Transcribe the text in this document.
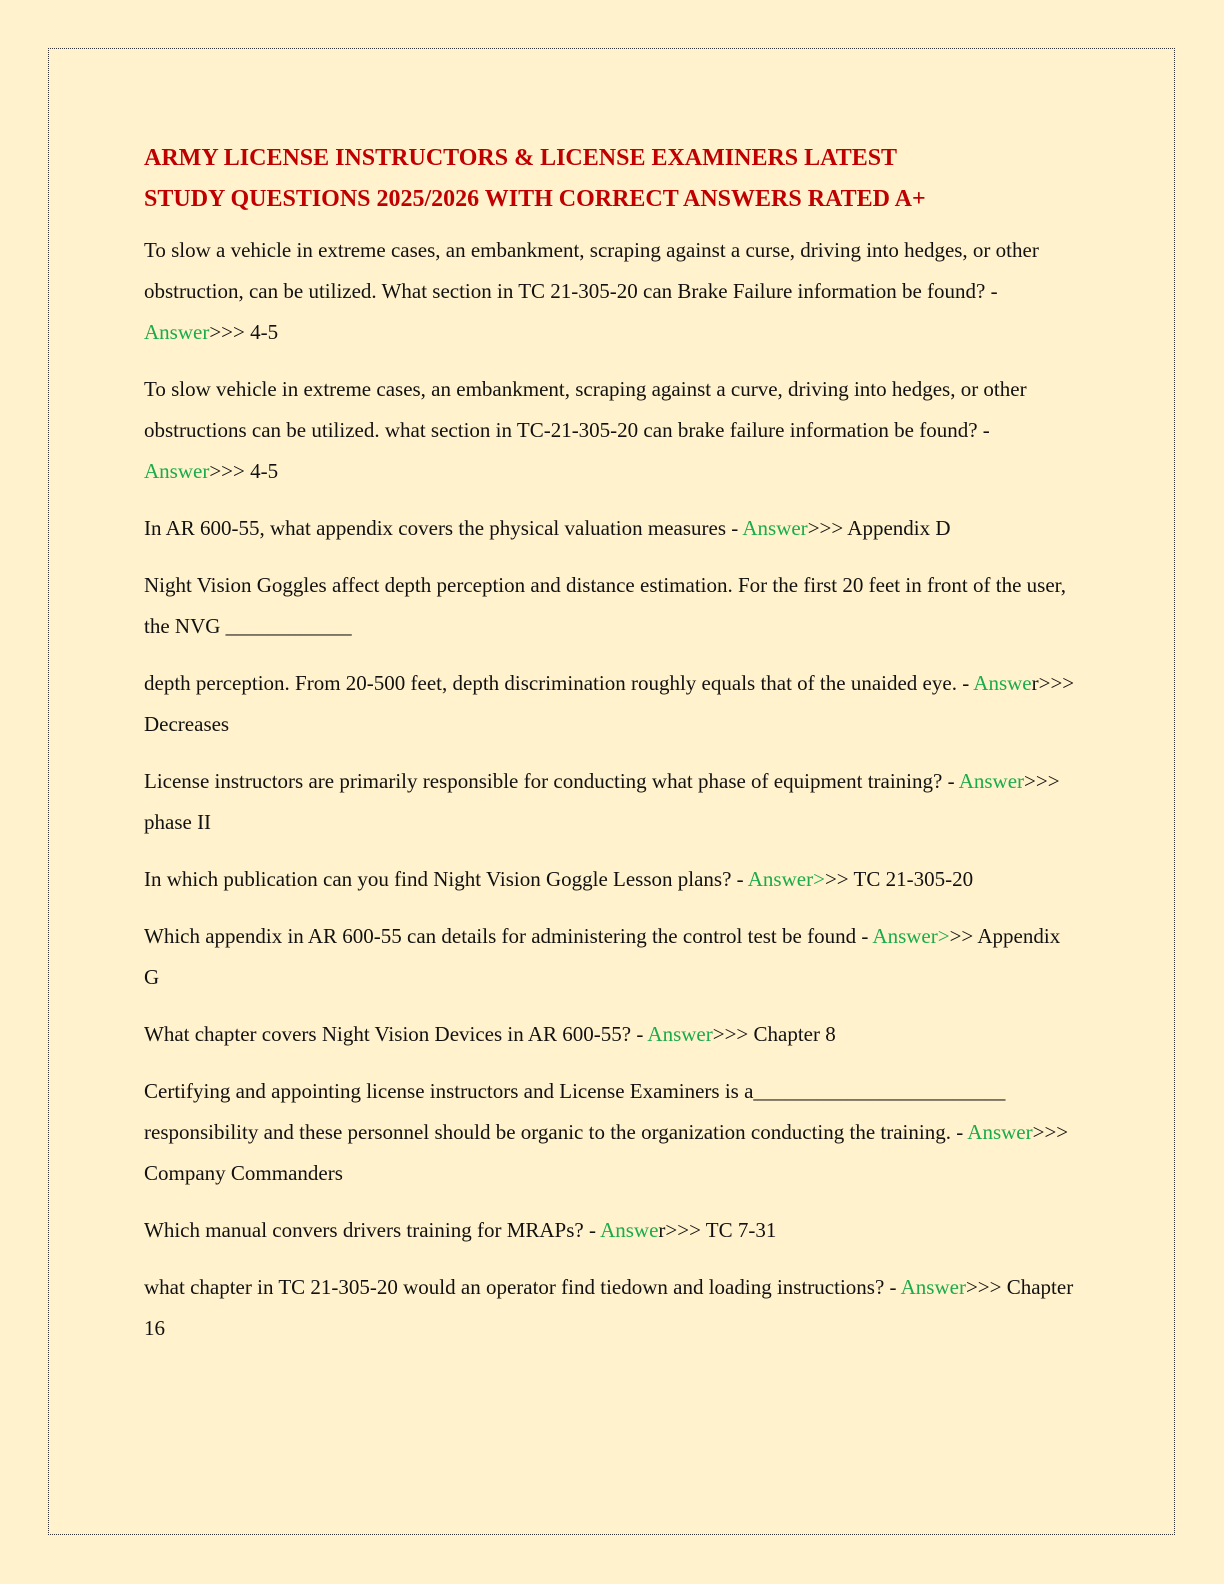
ARMY LICENSE INSTRUCTORS & LICENSE EXAMINERS LATEST
STUDY QUESTIONS 2025/2026 WITH CORRECT ANSWERS RATED A+

To slow a vehicle in extreme cases, an embankment, scraping against a curse, driving into hedges, or other obstruction, can be utilized. What section in TC 21-305-20 can Brake Failure information be found? - Answer>>> 4-5

To slow vehicle in extreme cases, an embankment, scraping against a curve, driving into hedges, or other obstructions can be utilized. what section in TC-21-305-20 can brake failure information be found? - Answer>>> 4-5

In AR 600-55, what appendix covers the physical valuation measures - Answer>>> Appendix D

Night Vision Goggles affect depth perception and distance estimation. For the first 20 feet in front of the user, the NVG ____________

depth perception. From 20-500 feet, depth discrimination roughly equals that of the unaided eye. - Answer>>> Decreases

License instructors are primarily responsible for conducting what phase of equipment training? - Answer>>> phase II

In which publication can you find Night Vision Goggle Lesson plans? - Answer>>> TC 21-305-20

Which appendix in AR 600-55 can details for administering the control test be found - Answer>>> Appendix G

What chapter covers Night Vision Devices in AR 600-55? - Answer>>> Chapter 8

Certifying and appointing license instructors and License Examiners is a________________________ responsibility and these personnel should be organic to the organization conducting the training. - Answer>>> Company Commanders

Which manual convers drivers training for MRAPs? - Answer>>> TC 7-31

what chapter in TC 21-305-20 would an operator find tiedown and loading instructions? - Answer>>> Chapter 16
